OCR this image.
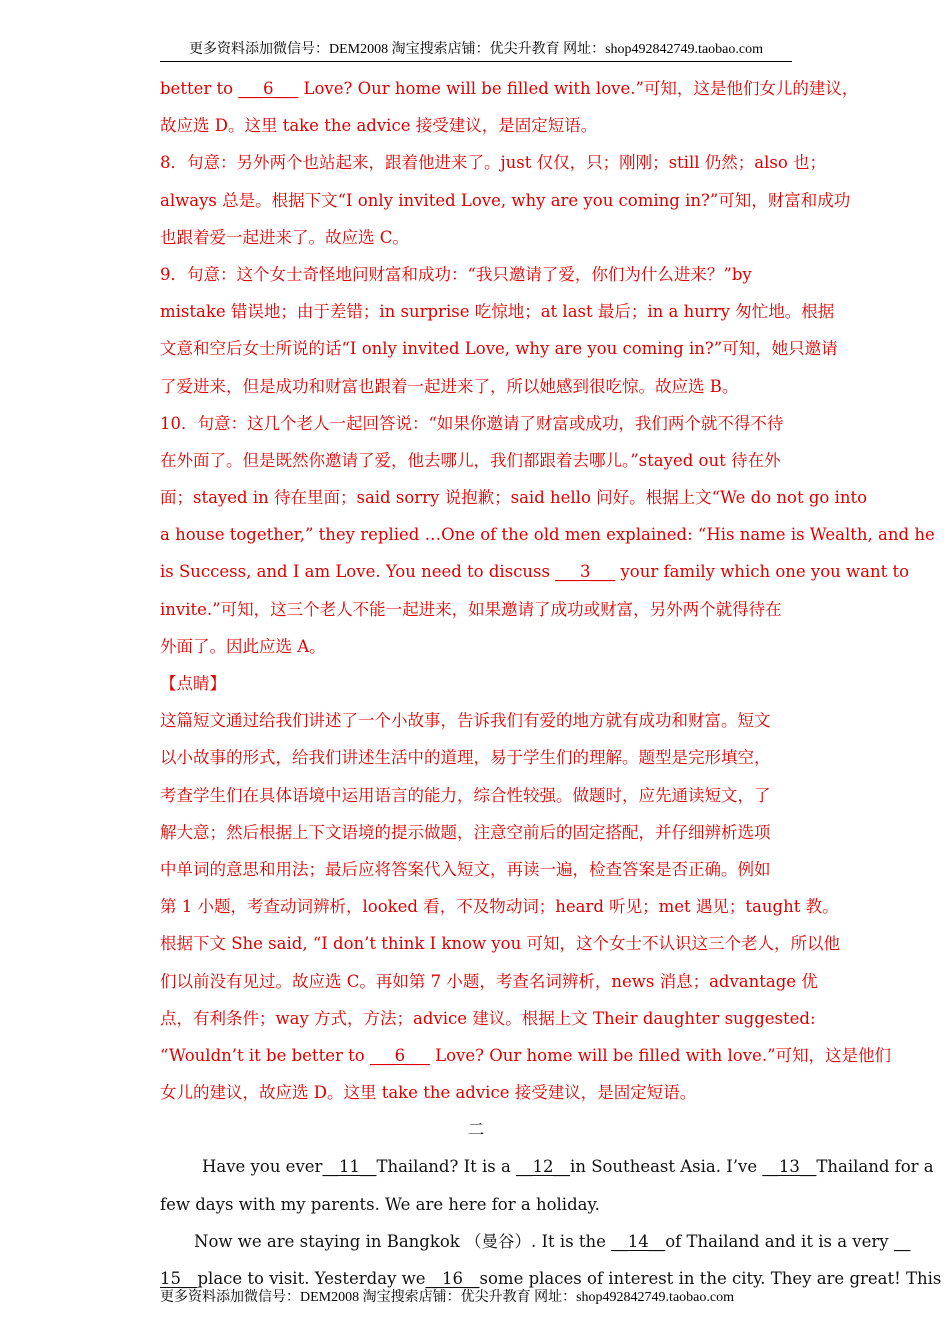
更多资料添加微信号：DEM2008 淘宝搜索店铺：优尖升教育 网址：shop492842749.taobao.com
better to ___6___ Love? Our home will be filled with love.”可知，这是他们女儿的建议，
故应选 D。这里 take the advice 接受建议，是固定短语。
8．句意：另外两个也站起来，跟着他进来了。just 仅仅，只；刚刚；still 仍然；also 也；
always 总是。根据下文“I only invited Love, why are you coming in?”可知，财富和成功
也跟着爱一起进来了。故应选 C。
9．句意：这个女士奇怪地问财富和成功：“我只邀请了爱，你们为什么进来？”by
mistake 错误地；由于差错；in surprise 吃惊地；at last 最后；in a hurry 匆忙地。根据
文意和空后女士所说的话“I only invited Love, why are you coming in?”可知，她只邀请
了爱进来，但是成功和财富也跟着一起进来了，所以她感到很吃惊。故应选 B。
10．句意：这几个老人一起回答说：“如果你邀请了财富或成功，我们两个就不得不待
在外面了。但是既然你邀请了爱，他去哪儿，我们都跟着去哪儿。”stayed out 待在外
面；stayed in 待在里面；said sorry 说抱歉；said hello 问好。根据上文“We do not go into
a house together,” they replied …One of the old men explained: “His name is Wealth, and he
is Success, and I am Love. You need to discuss ___3___ your family which one you want to
invite.”可知，这三个老人不能一起进来，如果邀请了成功或财富，另外两个就得待在
外面了。因此应选 A。
【点睛】
这篇短文通过给我们讲述了一个小故事，告诉我们有爱的地方就有成功和财富。短文
以小故事的形式，给我们讲述生活中的道理，易于学生们的理解。题型是完形填空，
考查学生们在具体语境中运用语言的能力，综合性较强。做题时，应先通读短文，了
解大意；然后根据上下文语境的提示做题，注意空前后的固定搭配，并仔细辨析选项
中单词的意思和用法；最后应将答案代入短文，再读一遍，检查答案是否正确。例如
第 1 小题，考查动词辨析，looked 看，不及物动词；heard 听见；met 遇见；taught 教。
根据下文 She said, “I don’t think I know you 可知，这个女士不认识这三个老人，所以他
们以前没有见过。故应选 C。再如第 7 小题，考查名词辨析，news 消息；advantage 优
点，有利条件；way 方式，方法；advice 建议。根据上文 Their daughter suggested:
“Wouldn’t it be better to ___6___ Love? Our home will be filled with love.”可知，这是他们
女儿的建议，故应选 D。这里 take the advice 接受建议，是固定短语。
二
Have you ever__11__Thailand? It is a __12__in Southeast Asia. I’ve __13__Thailand for a
few days with my parents. We are here for a holiday.
Now we are staying in Bangkok （曼谷）. It is the __14__of Thailand and it is a very __
15__place to visit. Yesterday we__16__some places of interest in the city. They are great! This
更多资料添加微信号：DEM2008 淘宝搜索店铺：优尖升教育 网址：shop492842749.taobao.com
